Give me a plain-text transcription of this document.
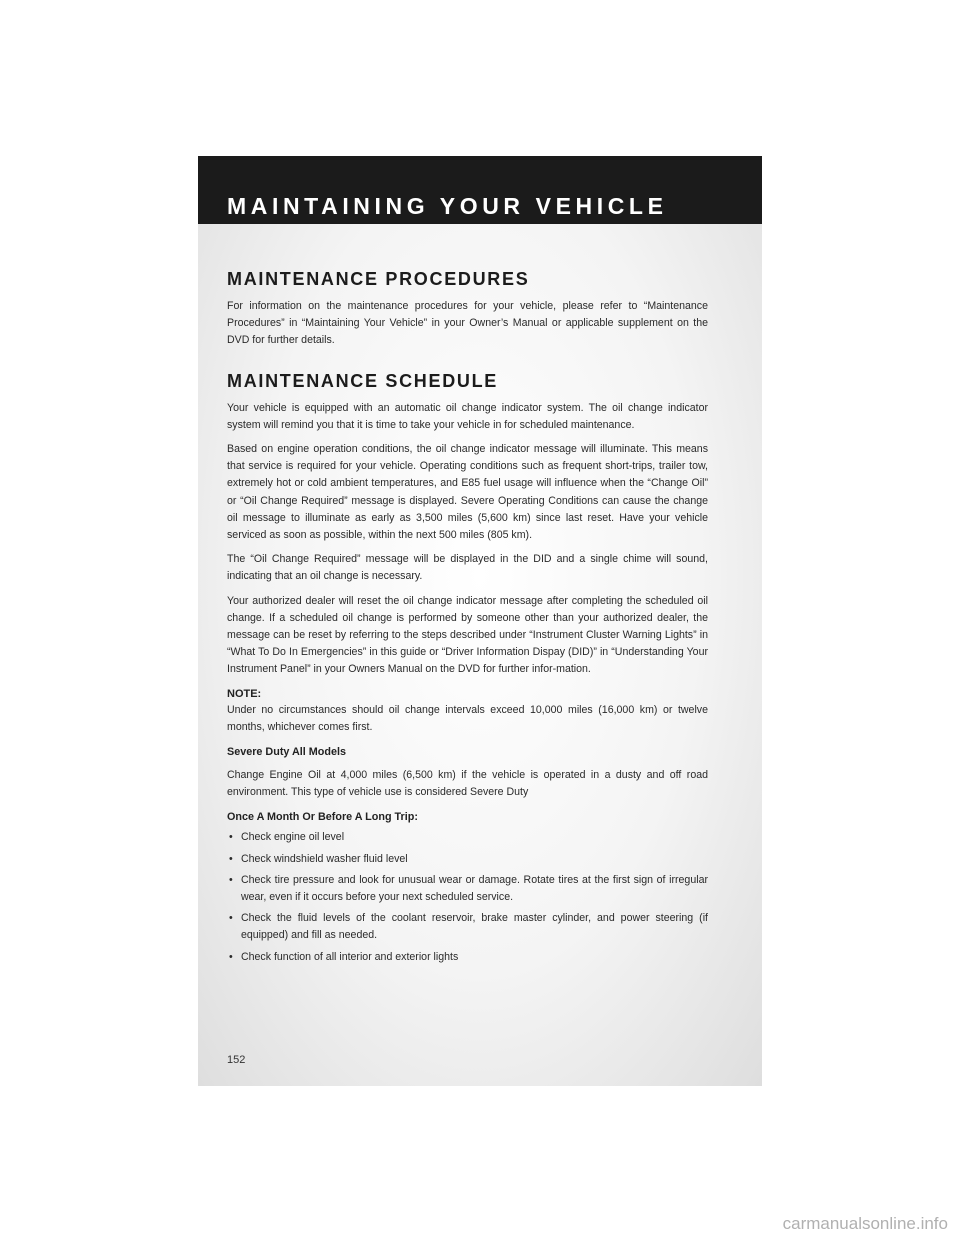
MAINTAINING YOUR VEHICLE
MAINTENANCE PROCEDURES

For information on the maintenance procedures for your vehicle, please refer to “Maintenance Procedures” in “Maintaining Your Vehicle” in your Owner’s Manual or applicable supplement on the DVD for further details.

MAINTENANCE SCHEDULE

Your vehicle is equipped with an automatic oil change indicator system. The oil change indicator system will remind you that it is time to take your vehicle in for scheduled maintenance.

Based on engine operation conditions, the oil change indicator message will illuminate. This means that service is required for your vehicle. Operating conditions such as frequent short-trips, trailer tow, extremely hot or cold ambient temperatures, and E85 fuel usage will influence when the “Change Oil” or “Oil Change Required” message is displayed. Severe Operating Conditions can cause the change oil message to illuminate as early as 3,500 miles (5,600 km) since last reset. Have your vehicle serviced as soon as possible, within the next 500 miles (805 km).

The “Oil Change Required” message will be displayed in the DID and a single chime will sound, indicating that an oil change is necessary.

Your authorized dealer will reset the oil change indicator message after completing the scheduled oil change. If a scheduled oil change is performed by someone other than your authorized dealer, the message can be reset by referring to the steps described under “Instrument Cluster Warning Lights” in “What To Do In Emergencies” in this guide or “Driver Information Dispay (DID)” in “Understanding Your Instrument Panel” in your Owners Manual on the DVD for further infor-mation.

NOTE:

Under no circumstances should oil change intervals exceed 10,000 miles (16,000 km) or twelve months, whichever comes first.

Severe Duty All Models

Change Engine Oil at 4,000 miles (6,500 km) if the vehicle is operated in a dusty and off road environment. This type of vehicle use is considered Severe Duty

Once A Month Or Before A Long Trip:
• Check engine oil level
• Check windshield washer fluid level
• Check tire pressure and look for unusual wear or damage. Rotate tires at the first sign of irregular wear, even if it occurs before your next scheduled service.
• Check the fluid levels of the coolant reservoir, brake master cylinder, and power steering (if equipped) and fill as needed.
• Check function of all interior and exterior lights
152
carmanualsonline.info
